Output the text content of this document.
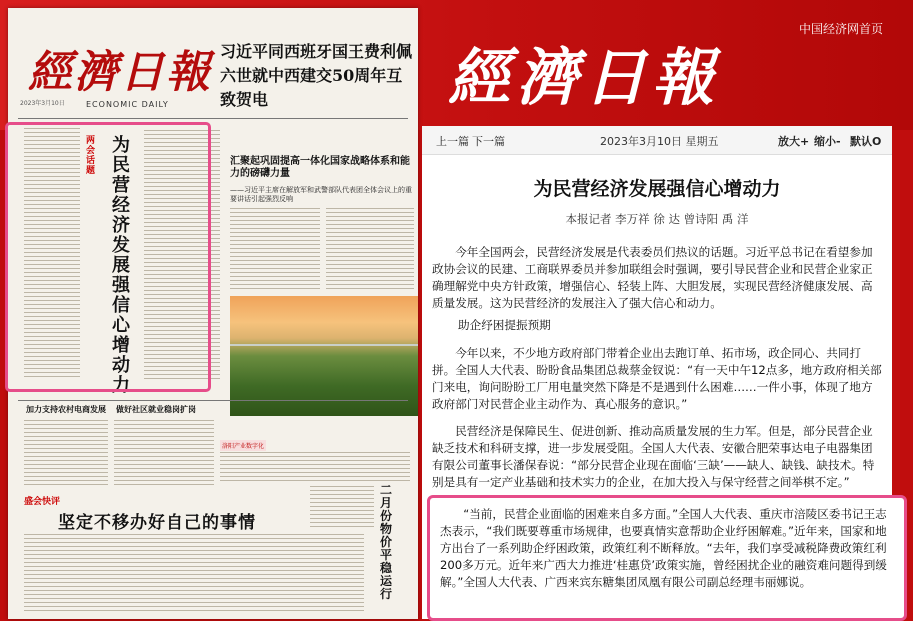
經濟日報
中国经济网首页
經濟日報
ECONOMIC DAILY
2023年3月10日
习近平同西班牙国王费利佩六世就中西建交50周年互致贺电
两会话题
为民营经济发展强信心增动力
汇聚起巩固提高一体化国家战略体系和能力的磅礴力量
——习近平主席在解放军和武警部队代表团全体会议上的重要讲话引起强烈反响
加力支持农村电商发展 做好社区就业稳岗扩岗
洛阳产业数字化
盛会快评
坚定不移办好自己的事情
二月份物价平稳运行
上一篇 下一篇	2023年3月10日 星期五	放大+ 缩小- 默认O
为民营经济发展强信心增动力
本报记者 李万祥 徐 达 曾诗阳 禹 洋

今年全国两会，民营经济发展是代表委员们热议的话题。习近平总书记在看望参加政协会议的民建、工商联界委员并参加联组会时强调，要引导民营企业和民营企业家正确理解党中央方针政策，增强信心、轻装上阵、大胆发展，实现民营经济健康发展、高质量发展。这为民营经济的发展注入了强大信心和动力。

助企纾困提振预期

今年以来，不少地方政府部门带着企业出去跑订单、拓市场，政企同心、共同打拼。全国人大代表、盼盼食品集团总裁蔡金钗说：“有一天中午12点多，地方政府相关部门来电，询问盼盼工厂用电量突然下降是不是遇到什么困难……一件小事，体现了地方政府部门对民营企业主动作为、真心服务的意识。”

民营经济是保障民生、促进创新、推动高质量发展的生力军。但是，部分民营企业缺乏技术和科研支撑，进一步发展受阻。全国人大代表、安徽合肥荣事达电子电器集团有限公司董事长潘保春说：“部分民营企业现在面临‘三缺’——缺人、缺钱、缺技术。特别是具有一定产业基础和技术实力的企业，在加大投入与保守经营之间举棋不定。”

“当前，民营企业面临的困难来自多方面。”全国人大代表、重庆市涪陵区委书记王志杰表示，“我们既要尊重市场规律，也要真情实意帮助企业纾困解难。”近年来，国家和地方出台了一系列助企纾困政策，政策红利不断释放。“去年，我们享受减税降费政策红利200多万元。近年来广西大力推进‘桂惠贷’政策实施，曾经困扰企业的融资难问题得到缓解。”全国人大代表、广西来宾东糖集团凤凰有限公司副总经理韦丽娜说。
